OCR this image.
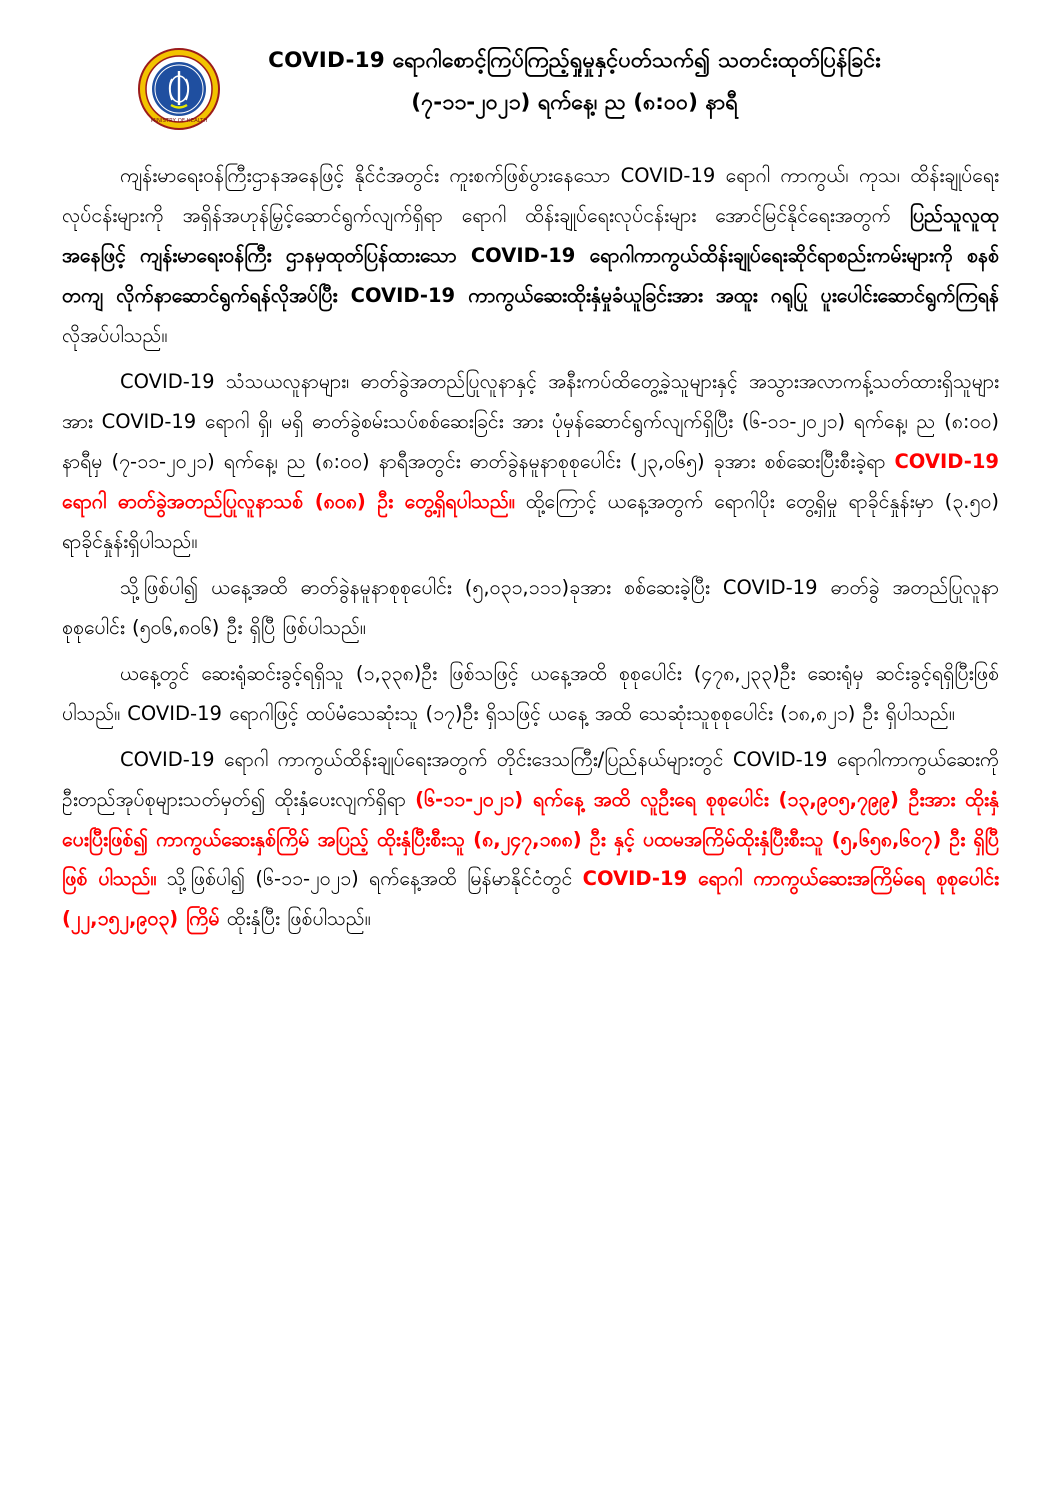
MINISTRY OF HEALTH
COVID-19 ရောဂါစောင့်ကြပ်ကြည့်ရှုမှုနှင့်ပတ်သက်၍ သတင်းထုတ်ပြန်ခြင်း
(၇-၁၁-၂၀၂၁) ရက်နေ့၊ ည (၈:၀၀) နာရီ

ကျန်းမာရေးဝန်ကြီးဌာနအနေဖြင့် နိုင်ငံအတွင်း ကူးစက်ဖြစ်ပွားနေသော COVID-19 ရောဂါ ကာကွယ်၊ ကုသ၊ ထိန်းချုပ်ရေးလုပ်ငန်းများကို အရှိန်အဟုန်မြှင့်ဆောင်ရွက်လျက်ရှိရာ ရောဂါ ထိန်းချုပ်ရေးလုပ်ငန်းများ အောင်မြင်နိုင်ရေးအတွက် ပြည်သူလူထုအနေဖြင့် ကျန်းမာရေးဝန်ကြီး ဌာနမှထုတ်ပြန်ထားသော COVID-19 ရောဂါကာကွယ်ထိန်းချုပ်ရေးဆိုင်ရာစည်းကမ်းများကို စနစ် တကျ လိုက်နာဆောင်ရွက်ရန်လိုအပ်ပြီး COVID-19 ကာကွယ်ဆေးထိုးနှံမှုခံယူခြင်းအား အထူး ဂရုပြု ပူးပေါင်းဆောင်ရွက်ကြရန် လိုအပ်ပါသည်။

COVID-19 သံသယလူနာများ၊ ဓာတ်ခွဲအတည်ပြုလူနာနှင့် အနီးကပ်ထိတွေ့ခဲ့သူများနှင့် အသွားအလာကန့်သတ်ထားရှိသူများအား COVID-19 ရောဂါ ရှိ၊ မရှိ ဓာတ်ခွဲစမ်းသပ်စစ်ဆေးခြင်း အား ပုံမှန်ဆောင်ရွက်လျက်ရှိပြီး (၆-၁၁-၂၀၂၁) ရက်နေ့၊ ည (၈:၀၀) နာရီမှ (၇-၁၁-၂၀၂၁) ရက်နေ့၊ ည (၈:၀၀) နာရီအတွင်း ဓာတ်ခွဲနမူနာစုစုပေါင်း (၂၃,၀၆၅) ခုအား စစ်ဆေးပြီးစီးခဲ့ရာ COVID-19 ရောဂါ ဓာတ်ခွဲအတည်ပြုလူနာသစ် (၈၀၈) ဦး တွေ့ရှိရပါသည်။ ထို့ကြောင့် ယနေ့အတွက် ရောဂါပိုး တွေ့ရှိမှု ရာခိုင်နှုန်းမှာ (၃.၅၀) ရာခိုင်နှုန်းရှိပါသည်။

သို့ဖြစ်ပါ၍ ယနေ့အထိ ဓာတ်ခွဲနမူနာစုစုပေါင်း (၅,၀၃၁,၁၁၁)ခုအား စစ်ဆေးခဲ့ပြီး COVID-19 ဓာတ်ခွဲ အတည်ပြုလူနာ စုစုပေါင်း (၅၀၆,၈၀၆) ဦး ရှိပြီ ဖြစ်ပါသည်။

ယနေ့တွင် ဆေးရုံဆင်းခွင့်ရရှိသူ (၁,၃၃၈)ဦး ဖြစ်သဖြင့် ယနေ့အထိ စုစုပေါင်း (၄၇၈,၂၃၃)ဦး ဆေးရုံမှ ဆင်းခွင့်ရရှိပြီးဖြစ်ပါသည်။ COVID-19 ရောဂါဖြင့် ထပ်မံသေဆုံးသူ (၁၇)ဦး ရှိသဖြင့် ယနေ့ အထိ သေဆုံးသူစုစုပေါင်း (၁၈,၈၂၁) ဦး ရှိပါသည်။

COVID-19 ရောဂါ ကာကွယ်ထိန်းချုပ်ရေးအတွက် တိုင်းဒေသကြီး/ပြည်နယ်များတွင် COVID-19 ရောဂါကာကွယ်ဆေးကို ဦးတည်အုပ်စုများသတ်မှတ်၍ ထိုးနှံပေးလျက်ရှိရာ (၆-၁၁-၂၀၂၁) ရက်နေ့ အထိ လူဦးရေ စုစုပေါင်း (၁၃,၉၀၅,၇၉၉) ဦးအား ထိုးနှံပေးပြီးဖြစ်၍ ကာကွယ်ဆေးနှစ်ကြိမ် အပြည့် ထိုးနှံပြီးစီးသူ (၈,၂၄၇,၁၈၈) ဦး နှင့် ပထမအကြိမ်ထိုးနှံပြီးစီးသူ (၅,၆၅၈,၆၀၇) ဦး ရှိပြီဖြစ် ပါသည်။ သို့ဖြစ်ပါ၍ (၆-၁၁-၂၀၂၁) ရက်နေ့အထိ မြန်မာနိုင်ငံတွင် COVID-19 ရောဂါ ကာကွယ်ဆေးအကြိမ်ရေ စုစုပေါင်း (၂၂,၁၅၂,၉၀၃) ကြိမ် ထိုးနှံပြီး ဖြစ်ပါသည်။
